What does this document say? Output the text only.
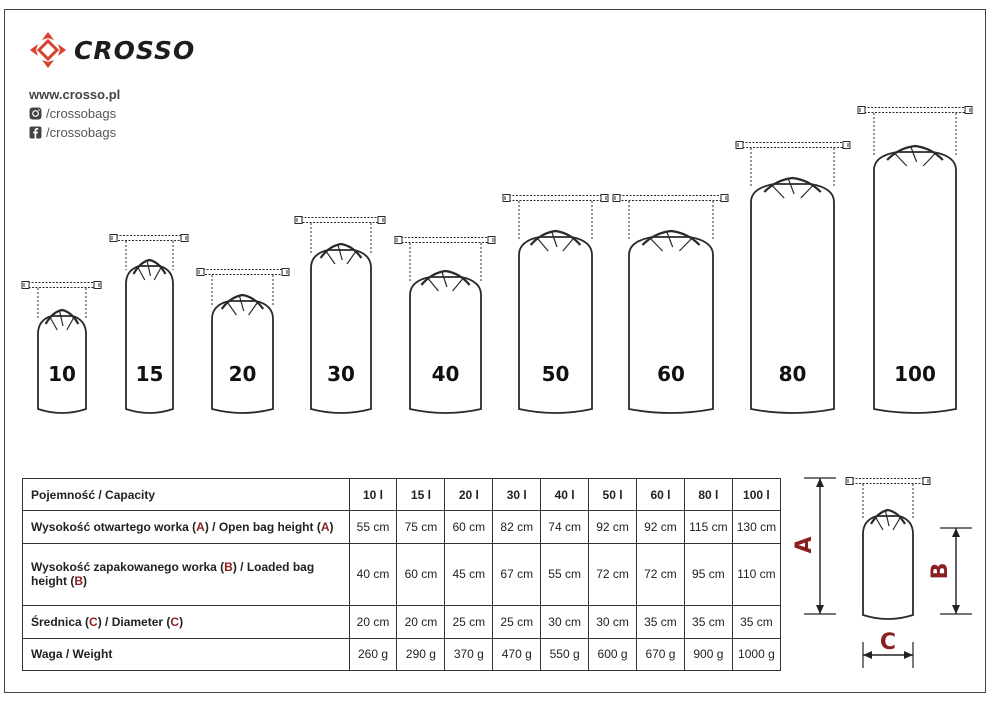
CROSSO
www.crosso.pl
/crossobags
/crossobags
10	15	20	30	40	50	60	80	100
Pojemność / Capacity	10 l	15 l	20 l	30 l	40 l	50 l	60 l	80 l	100 l
Wysokość otwartego worka (A) / Open bag height (A)	55 cm	75 cm	60 cm	82 cm	74 cm	92 cm	92 cm	115 cm	130 cm
Wysokość zapakowanego worka (B) / Loaded bag height (B)	40 cm	60 cm	45 cm	67 cm	55 cm	72 cm	72 cm	95 cm	110 cm
Średnica (C) / Diameter (C)	20 cm	20 cm	25 cm	25 cm	30 cm	30 cm	35 cm	35 cm	35 cm
Waga / Weight	260 g	290 g	370 g	470 g	550 g	600 g	670 g	900 g	1000 g
A
B
C
